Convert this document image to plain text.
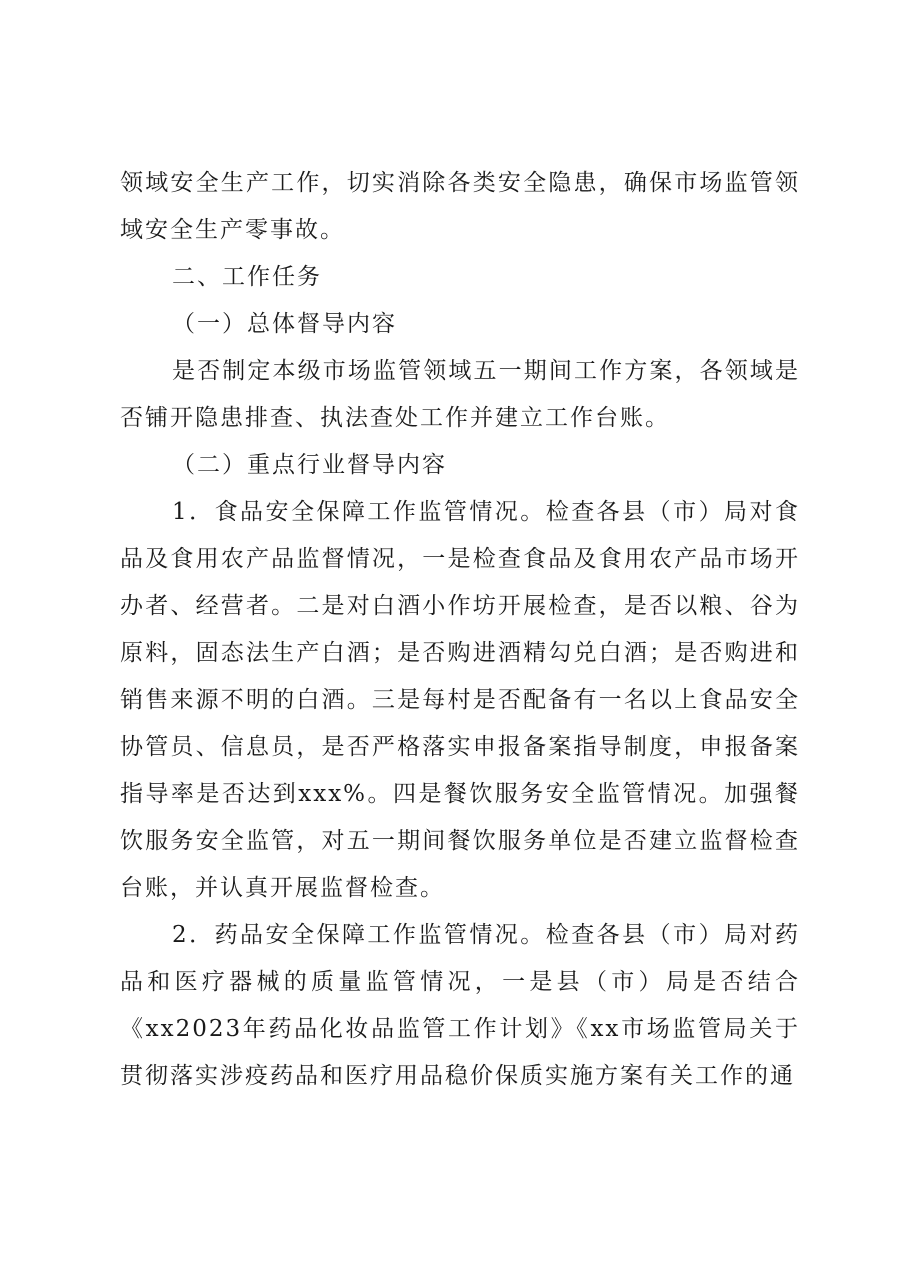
领域安全生产工作，切实消除各类安全隐患，确保市场监管领域安全生产零事故。

二、工作任务

（一）总体督导内容

是否制定本级市场监管领域五一期间工作方案，各领域是否铺开隐患排查、执法查处工作并建立工作台账。

（二）重点行业督导内容

1．食品安全保障工作监管情况。检查各县（市）局对食品及食用农产品监督情况，一是检查食品及食用农产品市场开办者、经营者。二是对白酒小作坊开展检查，是否以粮、谷为原料，固态法生产白酒；是否购进酒精勾兑白酒；是否购进和销售来源不明的白酒。三是每村是否配备有一名以上食品安全协管员、信息员，是否严格落实申报备案指导制度，申报备案指导率是否达到xxx%。四是餐饮服务安全监管情况。加强餐饮服务安全监管，对五一期间餐饮服务单位是否建立监督检查台账，并认真开展监督检查。

2．药品安全保障工作监管情况。检查各县（市）局对药品和医疗器械的质量监管情况，一是县（市）局是否结合《xx2023年药品化妆品监管工作计划》《xx市场监管局关于贯彻落实涉疫药品和医疗用品稳价保质实施方案有关工作的通
